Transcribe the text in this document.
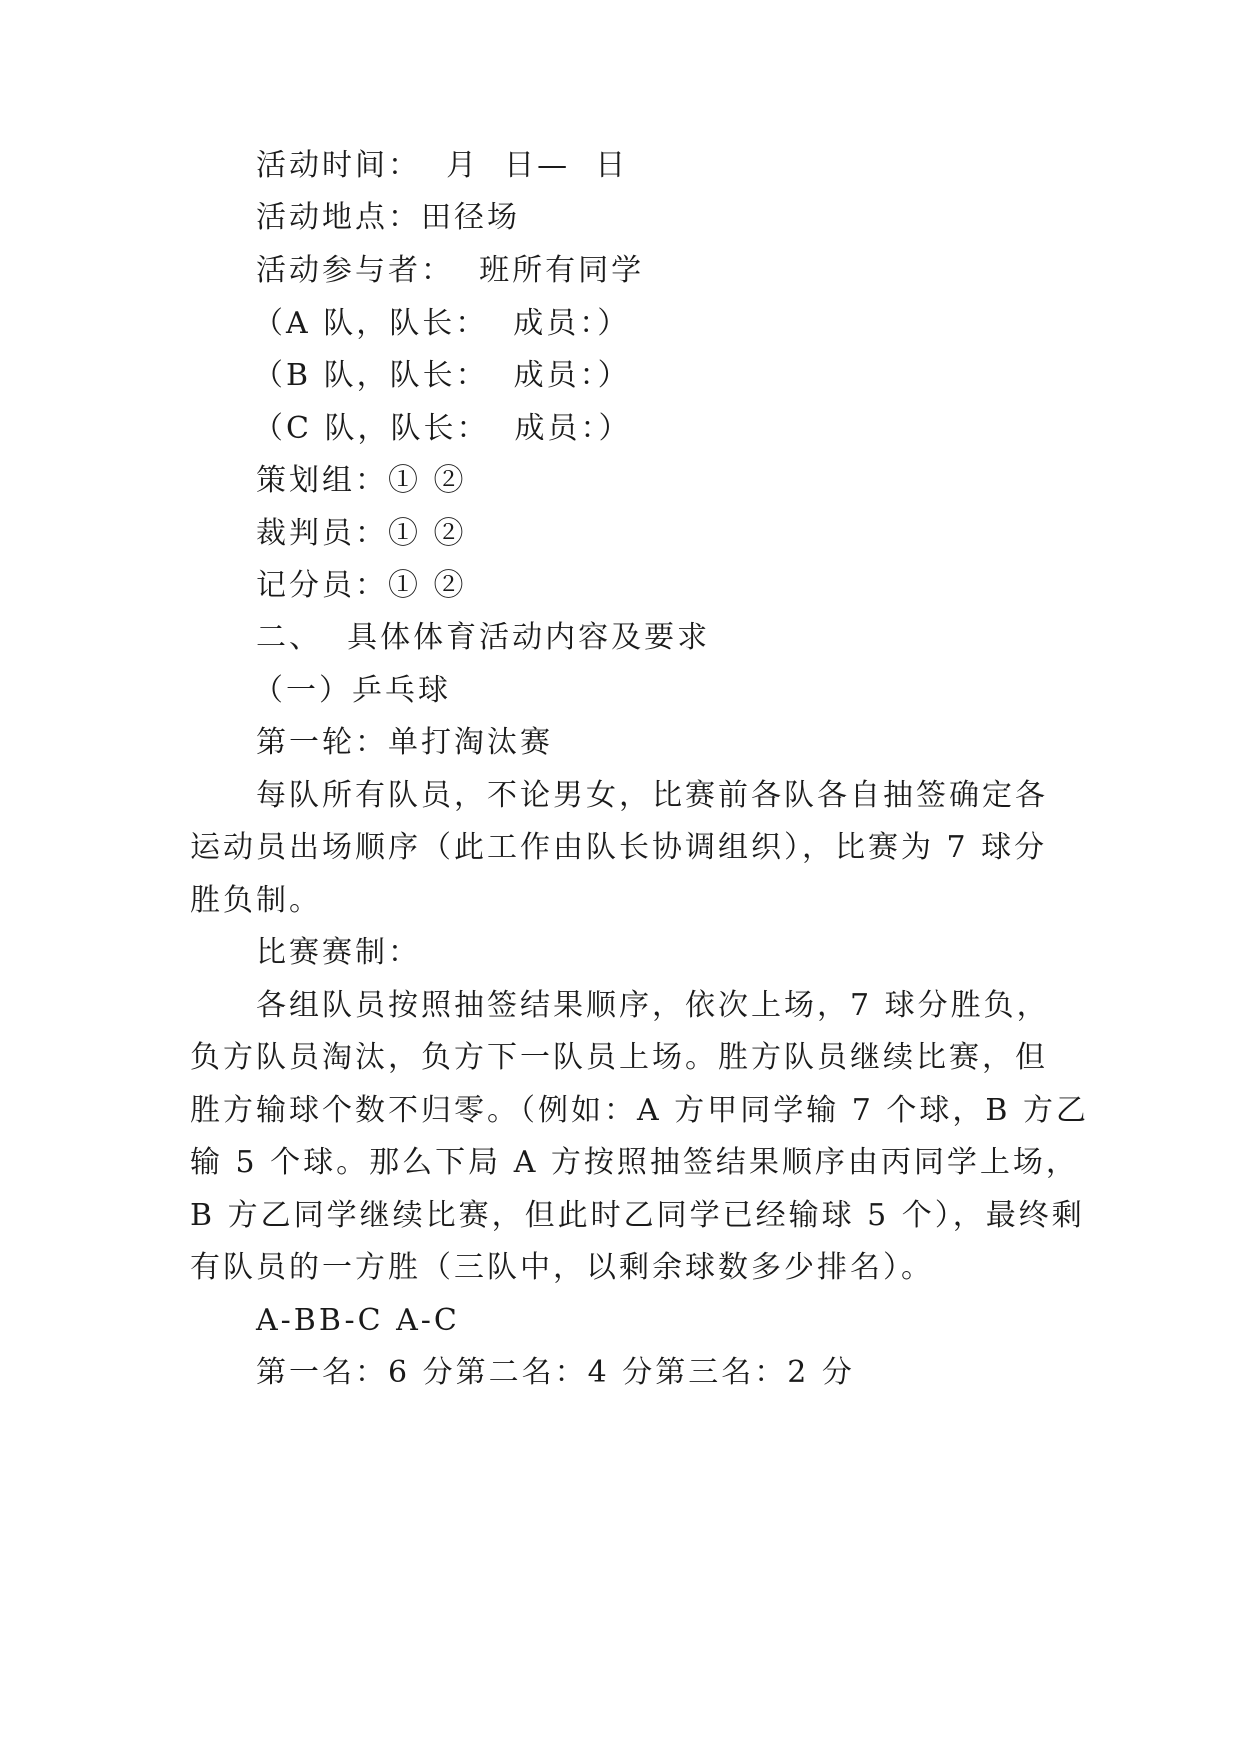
活动时间：  月  日—  日
活动地点：田径场
活动参与者：  班所有同学
（A 队，队长：  成员：）
（B 队，队长：  成员：）
（C 队，队长：  成员：）
策划组：① ②
裁判员：① ②
记分员：① ②
二、  具体体育活动内容及要求
（一）乒乓球
第一轮：单打淘汰赛
每队所有队员，不论男女，比赛前各队各自抽签确定各
运动员出场顺序（此工作由队长协调组织），比赛为 7 球分
胜负制。
比赛赛制：
各组队员按照抽签结果顺序，依次上场，7 球分胜负，
负方队员淘汰，负方下一队员上场。胜方队员继续比赛，但
胜方输球个数不归零。（例如：A 方甲同学输 7 个球，B 方乙
输 5 个球。那么下局 A 方按照抽签结果顺序由丙同学上场，
B 方乙同学继续比赛，但此时乙同学已经输球 5 个），最终剩
有队员的一方胜（三队中，以剩余球数多少排名）。
A-BB-C A-C
第一名：6 分第二名：4 分第三名：2 分
